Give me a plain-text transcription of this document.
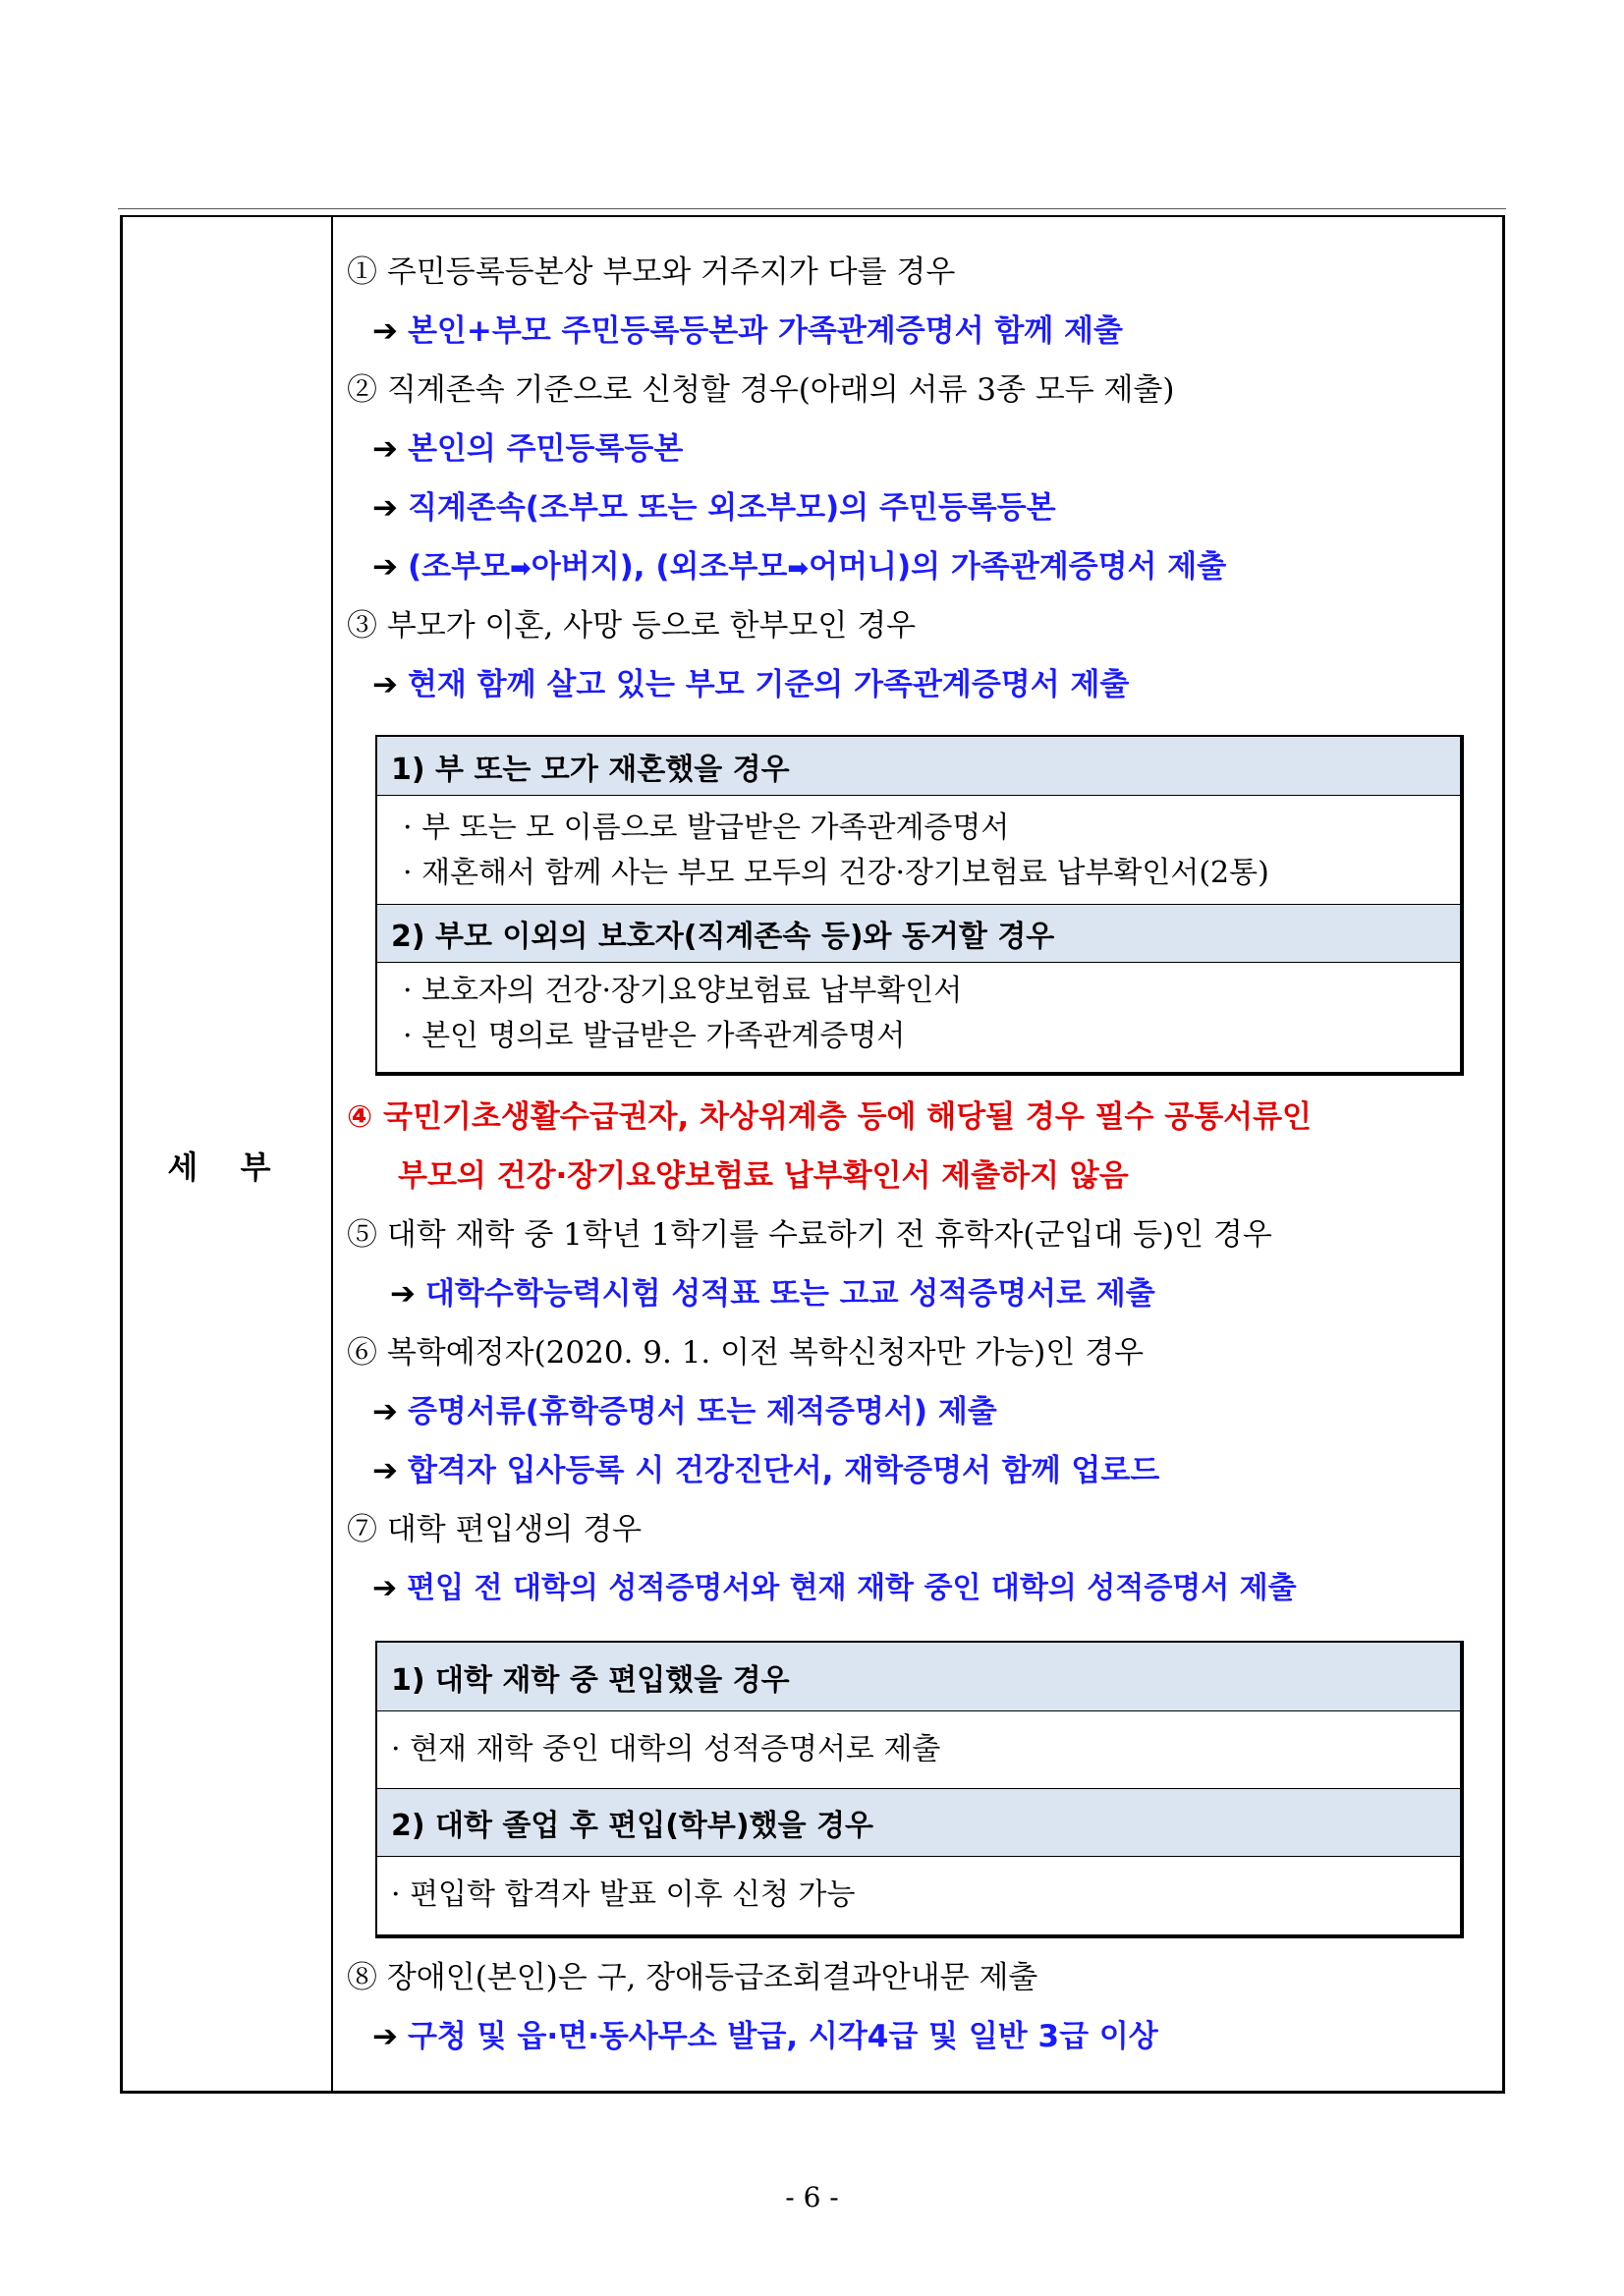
세 부
① 주민등록등본상 부모와 거주지가 다를 경우
➔ 본인+부모 주민등록등본과 가족관계증명서 함께 제출
② 직계존속 기준으로 신청할 경우(아래의 서류 3종 모두 제출)
➔ 본인의 주민등록등본
➔ 직계존속(조부모 또는 외조부모)의 주민등록등본
➔ (조부모➡아버지), (외조부모➡어머니)의 가족관계증명서 제출
③ 부모가 이혼, 사망 등으로 한부모인 경우
➔ 현재 함께 살고 있는 부모 기준의 가족관계증명서 제출
1) 부 또는 모가 재혼했을 경우
· 부 또는 모 이름으로 발급받은 가족관계증명서
· 재혼해서 함께 사는 부모 모두의 건강·장기보험료 납부확인서(2통)
2) 부모 이외의 보호자(직계존속 등)와 동거할 경우
· 보호자의 건강·장기요양보험료 납부확인서
· 본인 명의로 발급받은 가족관계증명서
④ 국민기초생활수급권자, 차상위계층 등에 해당될 경우 필수 공통서류인
부모의 건강·장기요양보험료 납부확인서 제출하지 않음
⑤ 대학 재학 중 1학년 1학기를 수료하기 전 휴학자(군입대 등)인 경우
➔ 대학수학능력시험 성적표 또는 고교 성적증명서로 제출
⑥ 복학예정자(2020. 9. 1. 이전 복학신청자만 가능)인 경우
➔ 증명서류(휴학증명서 또는 제적증명서) 제출
➔ 합격자 입사등록 시 건강진단서, 재학증명서 함께 업로드
⑦ 대학 편입생의 경우
➔ 편입 전 대학의 성적증명서와 현재 재학 중인 대학의 성적증명서 제출
1) 대학 재학 중 편입했을 경우
· 현재 재학 중인 대학의 성적증명서로 제출
2) 대학 졸업 후 편입(학부)했을 경우
· 편입학 합격자 발표 이후 신청 가능
⑧ 장애인(본인)은 구, 장애등급조회결과안내문 제출
➔ 구청 및 읍·면·동사무소 발급, 시각4급 및 일반 3급 이상
- 6 -
